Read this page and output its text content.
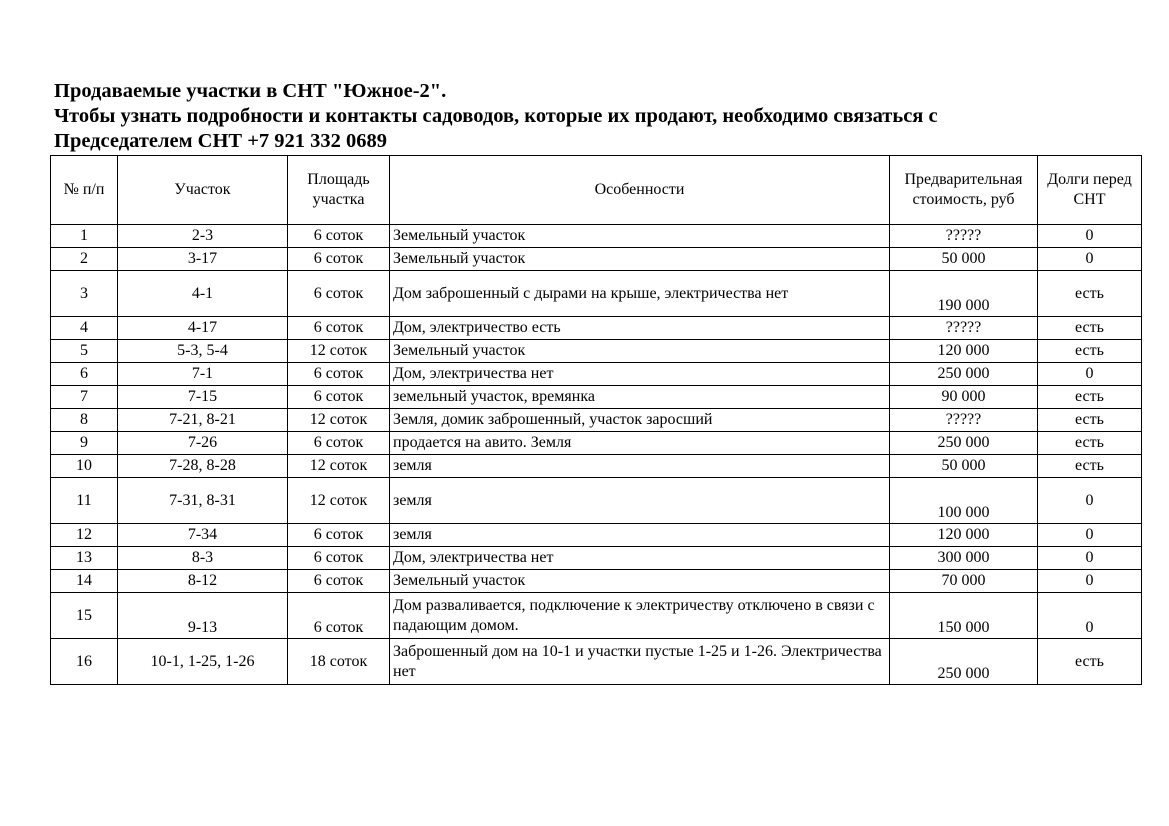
Продаваемые участки в СНТ "Южное-2".
Чтобы узнать подробности и контакты садоводов, которые их продают, необходимо связаться с
Председателем СНТ +7 921 332 0689
№ п/п	Участок	Площадь участка	Особенности	Предварительная стоимость, руб	Долги перед СНТ
1	2-3	6 соток	Земельный участок	?????	0
2	3-17	6 соток	Земельный участок	50 000	0
3	4-1	6 соток	Дом заброшенный с дырами на крыше, электричества нет	190 000	есть
4	4-17	6 соток	Дом, электричество есть	?????	есть
5	5-3, 5-4	12 соток	Земельный участок	120 000	есть
6	7-1	6 соток	Дом, электричества нет	250 000	0
7	7-15	6 соток	земельный участок, времянка	90 000	есть
8	7-21, 8-21	12 соток	Земля, домик заброшенный, участок заросший	?????	есть
9	7-26	6 соток	продается на авито. Земля	250 000	есть
10	7-28, 8-28	12 соток	земля	50 000	есть
11	7-31, 8-31	12 соток	земля	100 000	0
12	7-34	6 соток	земля	120 000	0
13	8-3	6 соток	Дом, электричества нет	300 000	0
14	8-12	6 соток	Земельный участок	70 000	0
15	9-13	6 соток	Дом разваливается, подключение к электричеству отключено в связи с падающим домом.	150 000	0
16	10-1, 1-25, 1-26	18 соток	Заброшенный дом на 10-1 и участки пустые 1-25 и 1-26. Электричества нет	250 000	есть
